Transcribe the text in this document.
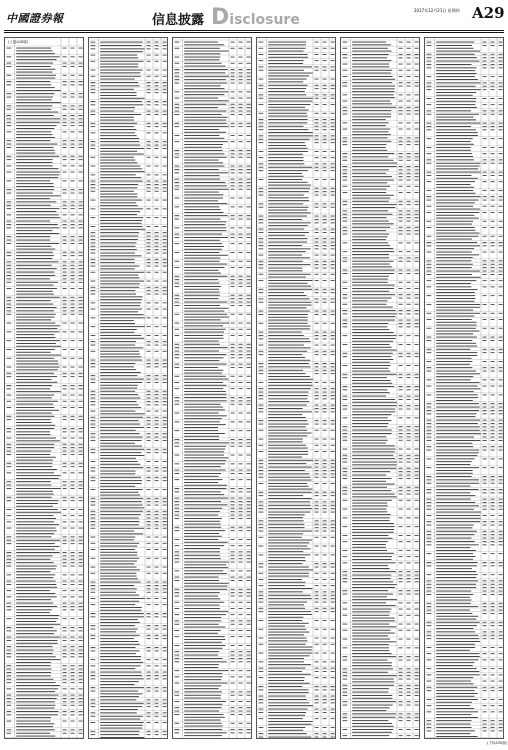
中國證券報	信息披露 Disclosure
2017年12月21日 星期四 A29
(上接A28版)
(下转A30版)
